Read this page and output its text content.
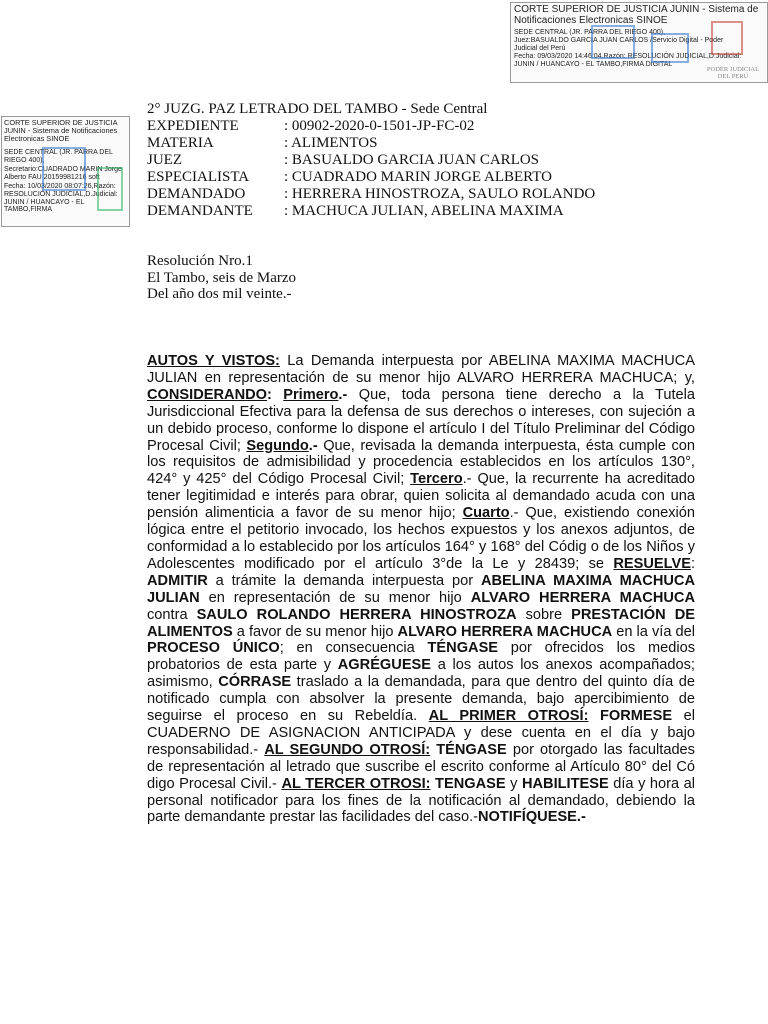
PODER JUDICIAL DEL PERÚ
CORTE SUPERIOR DE JUSTICIA JUNIN - Sistema de Notificaciones Electronicas SINOE
SEDE CENTRAL (JR. PARRA DEL RIEGO 400),
Juez:BASUALDO GARCIA JUAN CARLOS /Servicio Digital - Poder
Judicial del Perú
Fecha: 09/03/2020 14:46:04,Razón: RESOLUCIÓN JUDICIAL,D.Judicial:
JUNIN / HUANCAYO - EL TAMBO,FIRMA DIGITAL
CORTE SUPERIOR DE JUSTICIA JUNIN - Sistema de Notificaciones Electronicas SINOE
SEDE CENTRAL (JR. PARRA DEL RIEGO 400),
Secretario:CUADRADO MARIN Jorge Alberto FAU 20159981216 soft
Fecha: 10/03/2020 08:07:26,Razón: RESOLUCIÓN JUDICIAL,D.Judicial: JUNIN / HUANCAYO - EL TAMBO,FIRMA
2° JUZG. PAZ LETRADO DEL TAMBO - Sede Central
EXPEDIENTE	: 00902-2020-0-1501-JP-FC-02
MATERIA	: ALIMENTOS
JUEZ	: BASUALDO GARCIA JUAN CARLOS
ESPECIALISTA	: CUADRADO MARIN JORGE ALBERTO
DEMANDADO	: HERRERA HINOSTROZA, SAULO ROLANDO
DEMANDANTE	: MACHUCA JULIAN, ABELINA MAXIMA
Resolución Nro.1
El Tambo, seis de Marzo
Del año dos mil veinte.-
AUTOS Y VISTOS: La Demanda interpuesta por ABELINA MAXIMA MACHUCA JULIAN en representación de su menor hijo ALVARO HERRERA MACHUCA; y, CONSIDERANDO: Primero.- Que, toda persona tiene derecho a la Tutela Jurisdiccional Efectiva para la defensa de sus derechos o intereses, con sujeción a un debido proceso, conforme lo dispone el artículo I del Título Preliminar del Código Procesal Civil; Segundo.- Que, revisada la demanda interpuesta, ésta cumple con los requisitos de admisibilidad y procedencia establecidos en los artículos 130°, 424° y 425° del Código Procesal Civil; Tercero.- Que, la recurrente ha acreditado tener legitimidad e interés para obrar, quien solicita al demandado acuda con una pensión alimenticia a favor de su menor hijo; Cuarto.- Que, existiendo conexión lógica entre el petitorio invocado, los hechos expuestos y los anexos adjuntos, de conformidad a lo establecido por los artículos 164° y 168° del Códig o de los Niños y Adolescentes modificado por el artículo 3°de la Le y 28439; se RESUELVE: ADMITIR a trámite la demanda interpuesta por ABELINA MAXIMA MACHUCA JULIAN en representación de su menor hijo ALVARO HERRERA MACHUCA contra SAULO ROLANDO HERRERA HINOSTROZA sobre PRESTACIÓN DE ALIMENTOS a favor de su menor hijo ALVARO HERRERA MACHUCA en la vía del PROCESO ÚNICO; en consecuencia TÉNGASE por ofrecidos los medios probatorios de esta parte y AGRÉGUESE a los autos los anexos acompañados; asimismo, CÓRRASE traslado a la demandada, para que dentro del quinto día de notificado cumpla con absolver la presente demanda, bajo apercibimiento de seguirse el proceso en su Rebeldía. AL PRIMER OTROSÍ: FORMESE el CUADERNO DE ASIGNACION ANTICIPADA y dese cuenta en el día y bajo responsabilidad.- AL SEGUNDO OTROSÍ: TÉNGASE por otorgado las facultades de representación al letrado que suscribe el escrito conforme al Artículo 80° del Có digo Procesal Civil.- AL TERCER OTROSI: TENGASE y HABILITESE día y hora al personal notificador para los fines de la notificación al demandado, debiendo la parte demandante prestar las facilidades del caso.-NOTIFÍQUESE.-
